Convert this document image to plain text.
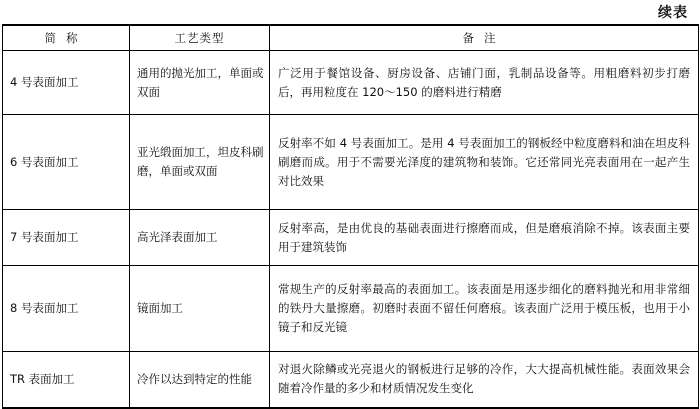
续表
简称	工艺类型	备注
4 号表面加工	通用的抛光加工，单面或双面	广泛用于餐馆设备、厨房设备、店铺门面，乳制品设备等。用粗磨料初步打磨后，再用粒度在 120～150 的磨料进行精磨
6 号表面加工	亚光缎面加工，坦皮科刷磨，单面或双面	反射率不如 4 号表面加工。是用 4 号表面加工的钢板经中粒度磨料和油在坦皮科刷磨而成。用于不需要光泽度的建筑物和装饰。它还常同光亮表面用在一起产生对比效果
7 号表面加工	高光泽表面加工	反射率高，是由优良的基础表面进行擦磨而成，但是磨痕消除不掉。该表面主要用于建筑装饰
8 号表面加工	镜面加工	常规生产的反射率最高的表面加工。该表面是用逐步细化的磨料抛光和用非常细的铁丹大量擦磨。初磨时表面不留任何磨痕。该表面广泛用于模压板，也用于小镜子和反光镜
TR 表面加工	冷作以达到特定的性能	对退火除鳞或光亮退火的钢板进行足够的冷作，大大提高机械性能。表面效果会随着冷作量的多少和材质情况发生变化
